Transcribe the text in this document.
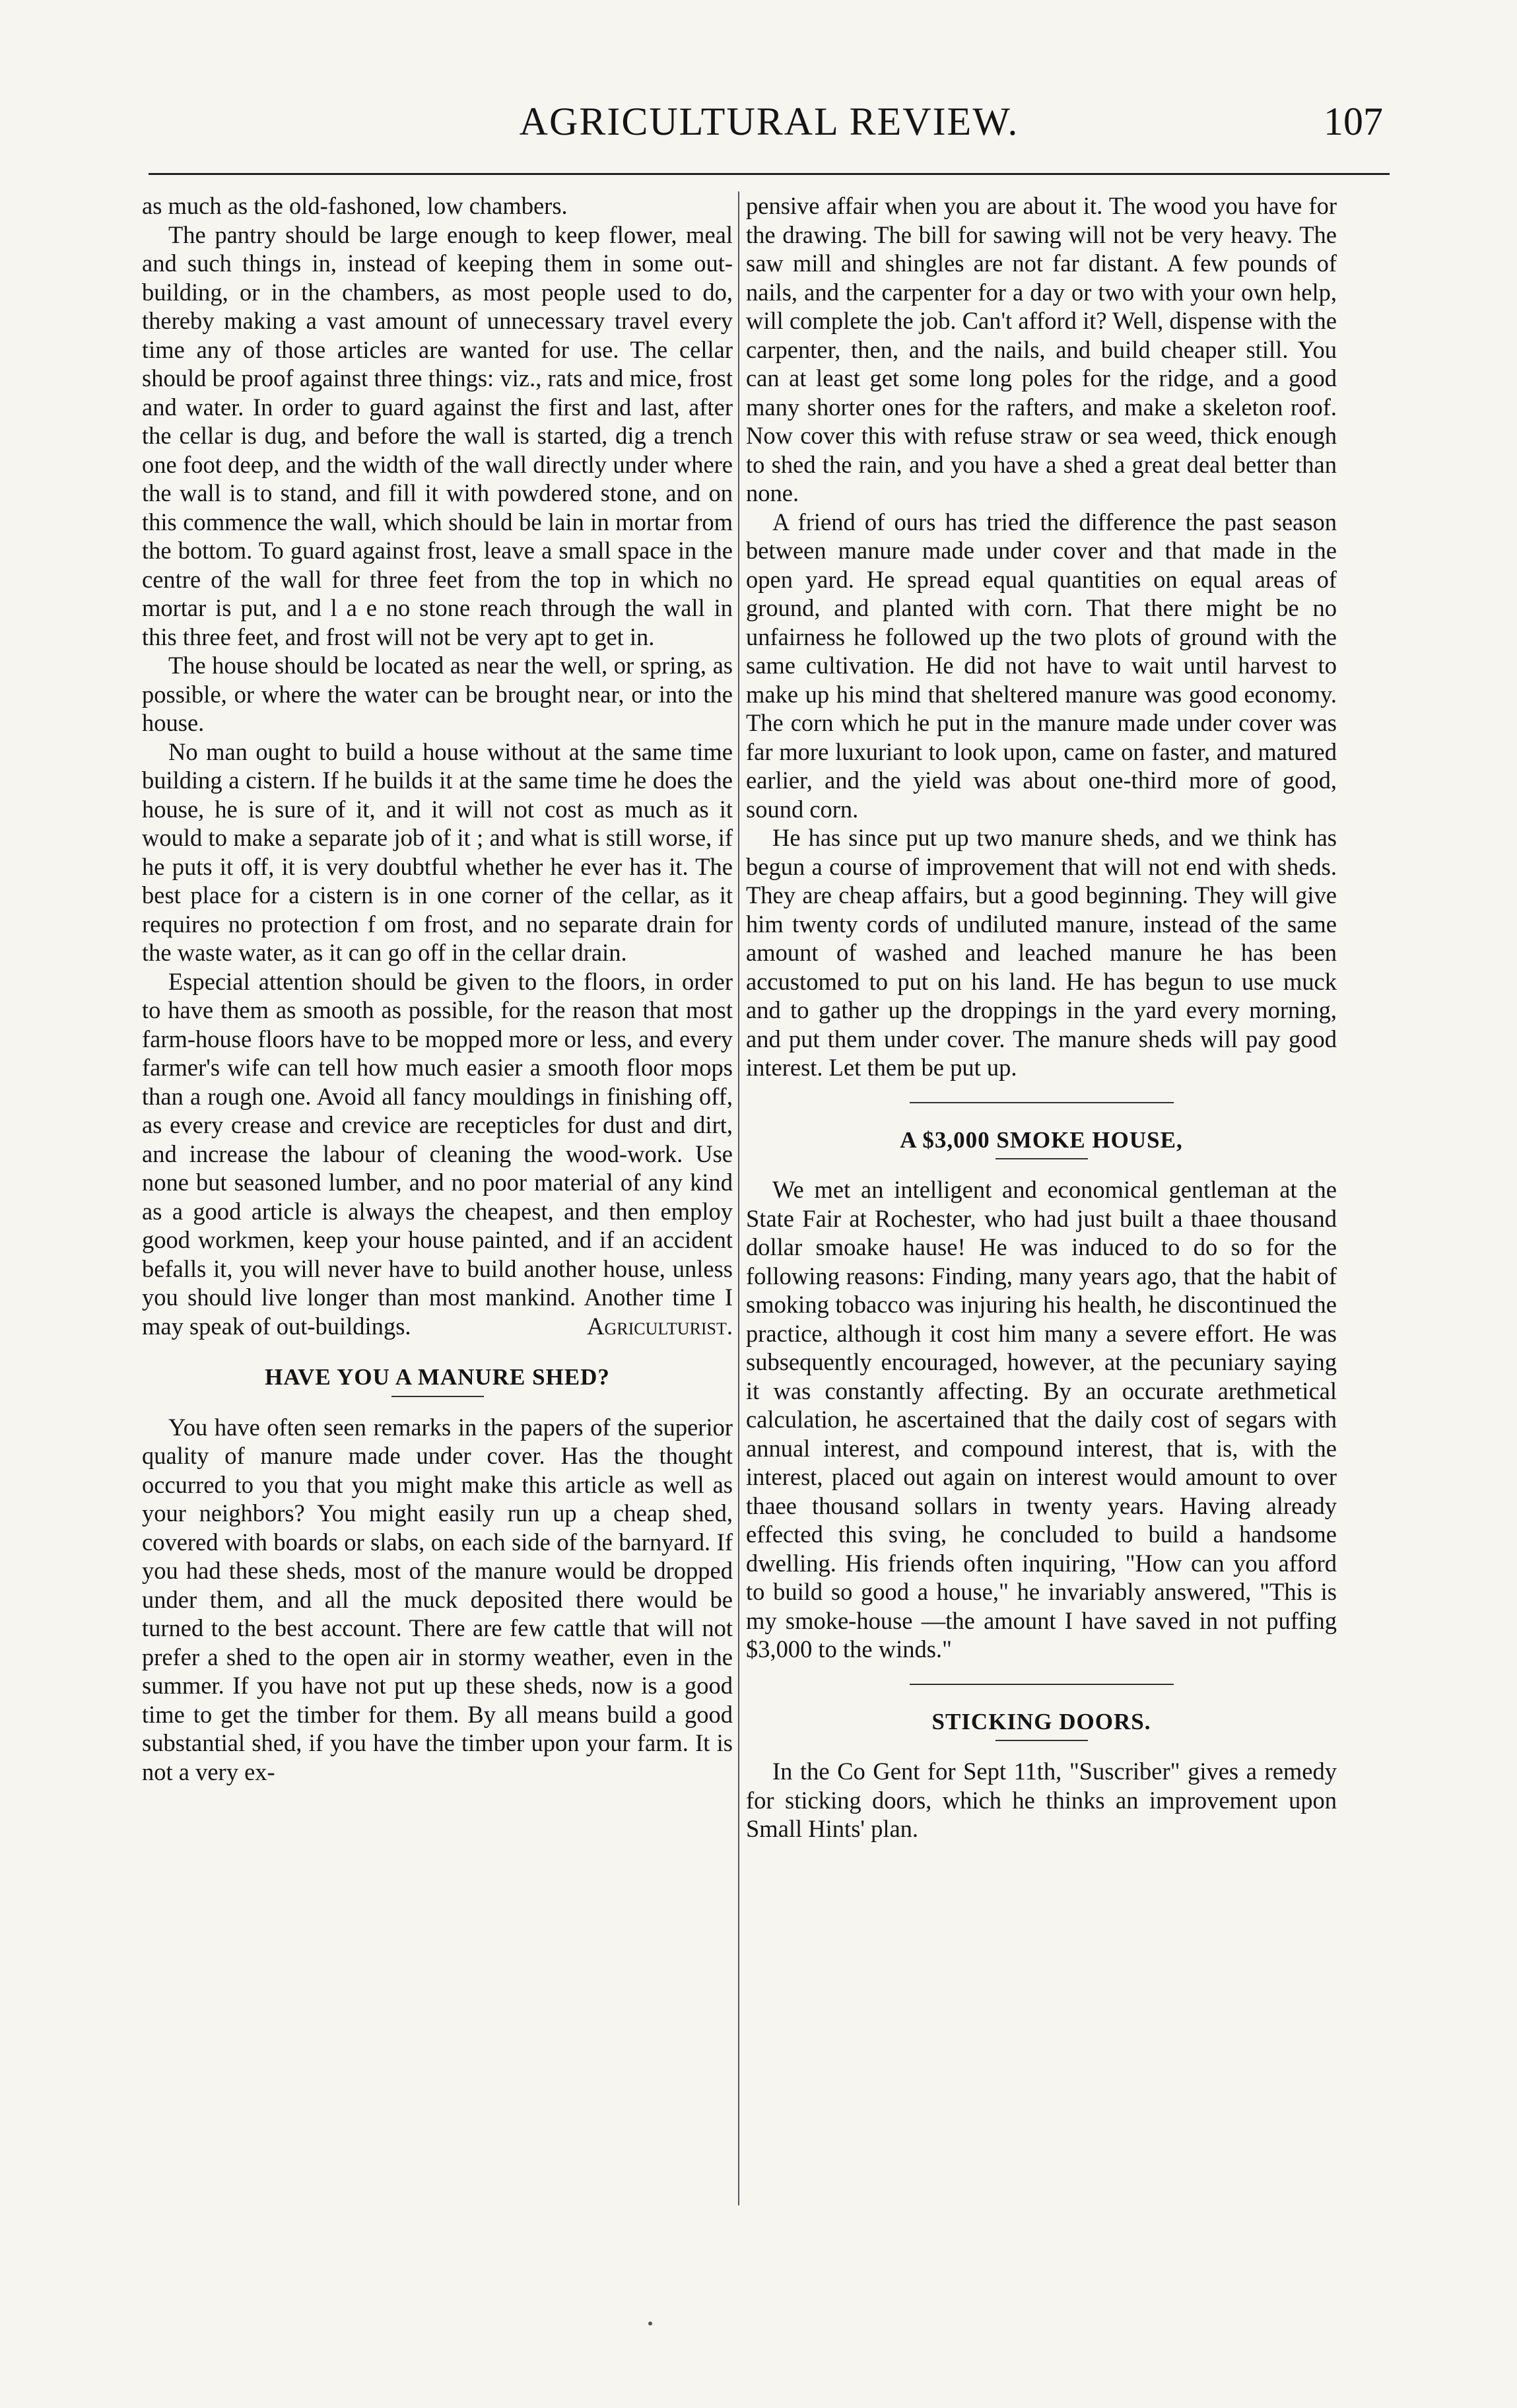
AGRICULTURAL REVIEW.	107

as much as the old-fashoned, low chambers.

The pantry should be large enough to keep flower, meal and such things in, instead of keeping them in some out-building, or in the chambers, as most people used to do, thereby making a vast amount of unnecessary travel every time any of those articles are wanted for use. The cellar should be proof against three things: viz., rats and mice, frost and water. In order to guard against the first and last, after the cellar is dug, and before the wall is started, dig a trench one foot deep, and the width of the wall directly under where the wall is to stand, and fill it with powdered stone, and on this commence the wall, which should be lain in mortar from the bottom. To guard against frost, leave a small space in the centre of the wall for three feet from the top in which no mortar is put, and l a e no stone reach through the wall in this three feet, and frost will not be very apt to get in.

The house should be located as near the well, or spring, as possible, or where the water can be brought near, or into the house.

No man ought to build a house without at the same time building a cistern. If he builds it at the same time he does the house, he is sure of it, and it will not cost as much as it would to make a separate job of it ; and what is still worse, if he puts it off, it is very doubtful whether he ever has it. The best place for a cistern is in one corner of the cellar, as it requires no protection f om frost, and no separate drain for the waste water, as it can go off in the cellar drain.

Especial attention should be given to the floors, in order to have them as smooth as possible, for the reason that most farm-house floors have to be mopped more or less, and every farmer's wife can tell how much easier a smooth floor mops than a rough one. Avoid all fancy mouldings in finishing off, as every crease and crevice are recepticles for dust and dirt, and increase the labour of cleaning the wood-work. Use none but seasoned lumber, and no poor material of any kind as a good article is always the cheapest, and then employ good workmen, keep your house painted, and if an accident befalls it, you will never have to build another house, unless you should live longer than most mankind. Another time I may speak of out-buildings.	Agriculturist.

HAVE YOU A MANURE SHED?

You have often seen remarks in the papers of the superior quality of manure made under cover. Has the thought occurred to you that you might make this article as well as your neighbors? You might easily run up a cheap shed, covered with boards or slabs, on each side of the barnyard. If you had these sheds, most of the manure would be dropped under them, and all the muck deposited there would be turned to the best account. There are few cattle that will not prefer a shed to the open air in stormy weather, even in the summer. If you have not put up these sheds, now is a good time to get the timber for them. By all means build a good substantial shed, if you have the timber upon your farm. It is not a very ex-

pensive affair when you are about it. The wood you have for the drawing. The bill for sawing will not be very heavy. The saw mill and shingles are not far distant. A few pounds of nails, and the carpenter for a day or two with your own help, will complete the job. Can't afford it? Well, dispense with the carpenter, then, and the nails, and build cheaper still. You can at least get some long poles for the ridge, and a good many shorter ones for the rafters, and make a skeleton roof. Now cover this with refuse straw or sea weed, thick enough to shed the rain, and you have a shed a great deal better than none.

A friend of ours has tried the difference the past season between manure made under cover and that made in the open yard. He spread equal quantities on equal areas of ground, and planted with corn. That there might be no unfairness he followed up the two plots of ground with the same cultivation. He did not have to wait until harvest to make up his mind that sheltered manure was good economy. The corn which he put in the manure made under cover was far more luxuriant to look upon, came on faster, and matured earlier, and the yield was about one-third more of good, sound corn.

He has since put up two manure sheds, and we think has begun a course of improvement that will not end with sheds. They are cheap affairs, but a good beginning. They will give him twenty cords of undiluted manure, instead of the same amount of washed and leached manure he has been accustomed to put on his land. He has begun to use muck and to gather up the droppings in the yard every morning, and put them under cover. The manure sheds will pay good interest. Let them be put up.

A $3,000 SMOKE HOUSE,

We met an intelligent and economical gentleman at the State Fair at Rochester, who had just built a thaee thousand dollar smoake hause! He was induced to do so for the following reasons: Finding, many years ago, that the habit of smoking tobacco was injuring his health, he discontinued the practice, although it cost him many a severe effort. He was subsequently encouraged, however, at the pecuniary saying it was constantly affecting. By an occurate arethmetical calculation, he ascertained that the daily cost of segars with annual interest, and compound interest, that is, with the interest, placed out again on interest would amount to over thaee thousand sollars in twenty years. Having already effected this sving, he concluded to build a handsome dwelling. His friends often inquiring, "How can you afford to build so good a house," he invariably answered, "This is my smoke-house —the amount I have saved in not puffing $3,000 to the winds."

STICKING DOORS.

In the Co Gent for Sept 11th, "Suscriber" gives a remedy for sticking doors, which he thinks an improvement upon Small Hints' plan.
